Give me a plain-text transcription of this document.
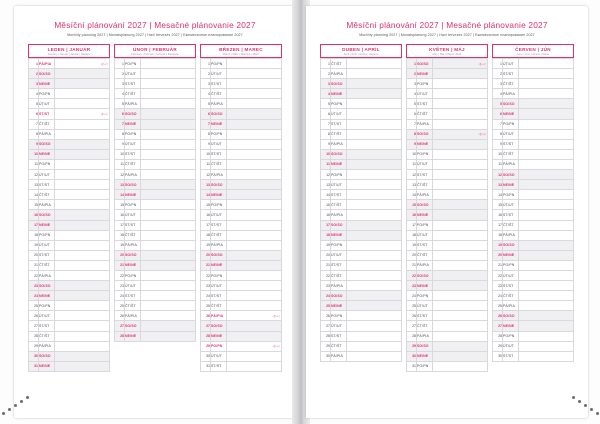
Měsíční plánování 2027 | Mesačné plánovanie 2027
Monthly planning 2027 | Monatsplanung 2027 | Havi tervezés 2027 | Ежемесячное планирование 2027
LEDEN | JANUÁR
January | Januar | Január | Январь
1	PÁ/PIA	◁▷◁

2	SO/SO	
3	NE/NE	
4	PO/PN	
5	ÚT/UT	
6	ST/ST	◁▷◁

7	ČT/ŠT	
8	PÁ/PIA	
9	SO/SO	
10	NE/NE	
11	PO/PN	
12	ÚT/UT	
13	ST/ST	
14	ČT/ŠT	
15	PÁ/PIA	
16	SO/SO	
17	NE/NE	
18	PO/PN	
19	ÚT/UT	
20	ST/ST	
21	ČT/ŠT	
22	PÁ/PIA	
23	SO/SO	
24	NE/NE	
25	PO/PN	
26	ÚT/UT	
27	ST/ST	
28	ČT/ŠT	
29	PÁ/PIA	
30	SO/SO	
31	NE/NE	
ÚNOR | FEBRUÁR
February | Februar | Február | Февраль
1	PO/PN	
2	ÚT/UT	
3	ST/ST	
4	ČT/ŠT	
5	PÁ/PIA	
6	SO/SO	
7	NE/NE	
8	PO/PN	
9	ÚT/UT	
10	ST/ST	
11	ČT/ŠT	
12	PÁ/PIA	
13	SO/SO	
14	NE/NE	
15	PO/PN	
16	ÚT/UT	
17	ST/ST	
18	ČT/ŠT	
19	PÁ/PIA	
20	SO/SO	
21	NE/NE	
22	PO/PN	
23	ÚT/UT	
24	ST/ST	
25	ČT/ŠT	
26	PÁ/PIA	
27	SO/SO	
28	NE/NE	

BŘEZEN | MAREC
March | März | Március | Март
1	PO/PN	
2	ÚT/UT	
3	ST/ST	
4	ČT/ŠT	
5	PÁ/PIA	
6	SO/SO	
7	NE/NE	
8	PO/PN	
9	ÚT/UT	
10	ST/ST	
11	ČT/ŠT	
12	PÁ/PIA	
13	SO/SO	
14	NE/NE	
15	PO/PN	
16	ÚT/UT	
17	ST/ST	
18	ČT/ŠT	
19	PÁ/PIA	
20	SO/SO	
21	NE/NE	
22	PO/PN	
23	ÚT/UT	
24	ST/ST	
25	ČT/ŠT	
26	PÁ/PIA	◁▷◁

27	SO/SO	
28	NE/NE	
29	PO/PN	◁▷◁

30	ÚT/UT	
31	ST/ST	
Měsíční plánování 2027 | Mesačné plánovanie 2027
Monthly planning 2027 | Monatsplanung 2027 | Havi tervezés 2027 | Ежемесячное планирование 2027
DUBEN | APRÍL
April | April | Április | Апрель
1	ČT/ŠT	
2	PÁ/PIA	
3	SO/SO	
4	NE/NE	
5	PO/PN	
6	ÚT/UT	
7	ST/ST	
8	ČT/ŠT	
9	PÁ/PIA	
10	SO/SO	
11	NE/NE	
12	PO/PN	
13	ÚT/UT	
14	ST/ST	
15	ČT/ŠT	
16	PÁ/PIA	
17	SO/SO	
18	NE/NE	
19	PO/PN	
20	ÚT/UT	
21	ST/ST	
22	ČT/ŠT	
23	PÁ/PIA	
24	SO/SO	
25	NE/NE	
26	PO/PN	
27	ÚT/UT	
28	ST/ST	
29	ČT/ŠT	
30	PÁ/PIA	

KVĚTEN | MÁJ
May | Mai | Május | Май
1	SO/SO	◁▷◁

2	NE/NE	
3	PO/PN	
4	ÚT/UT	
5	ST/ST	
6	ČT/ŠT	
7	PÁ/PIA	
8	SO/SO	◁▷◁

9	NE/NE	
10	PO/PN	
11	ÚT/UT	
12	ST/ST	
13	ČT/ŠT	
14	PÁ/PIA	
15	SO/SO	
16	NE/NE	
17	PO/PN	
18	ÚT/UT	
19	ST/ST	
20	ČT/ŠT	
21	PÁ/PIA	
22	SO/SO	
23	NE/NE	
24	PO/PN	
25	ÚT/UT	
26	ST/ST	
27	ČT/ŠT	
28	PÁ/PIA	
29	SO/SO	
30	NE/NE	
31	PO/PN	
ČERVEN | JÚN
June | Juni | Június | Июнь
1	ÚT/UT	
2	ST/ST	
3	ČT/ŠT	
4	PÁ/PIA	
5	SO/SO	
6	NE/NE	
7	PO/PN	
8	ÚT/UT	
9	ST/ST	
10	ČT/ŠT	
11	PÁ/PIA	
12	SO/SO	
13	NE/NE	
14	PO/PN	
15	ÚT/UT	
16	ST/ST	
17	ČT/ŠT	
18	PÁ/PIA	
19	SO/SO	
20	NE/NE	
21	PO/PN	
22	ÚT/UT	
23	ST/ST	
24	ČT/ŠT	
25	PÁ/PIA	
26	SO/SO	
27	NE/NE	
28	PO/PN	
29	ÚT/UT	
30	ST/ST	
